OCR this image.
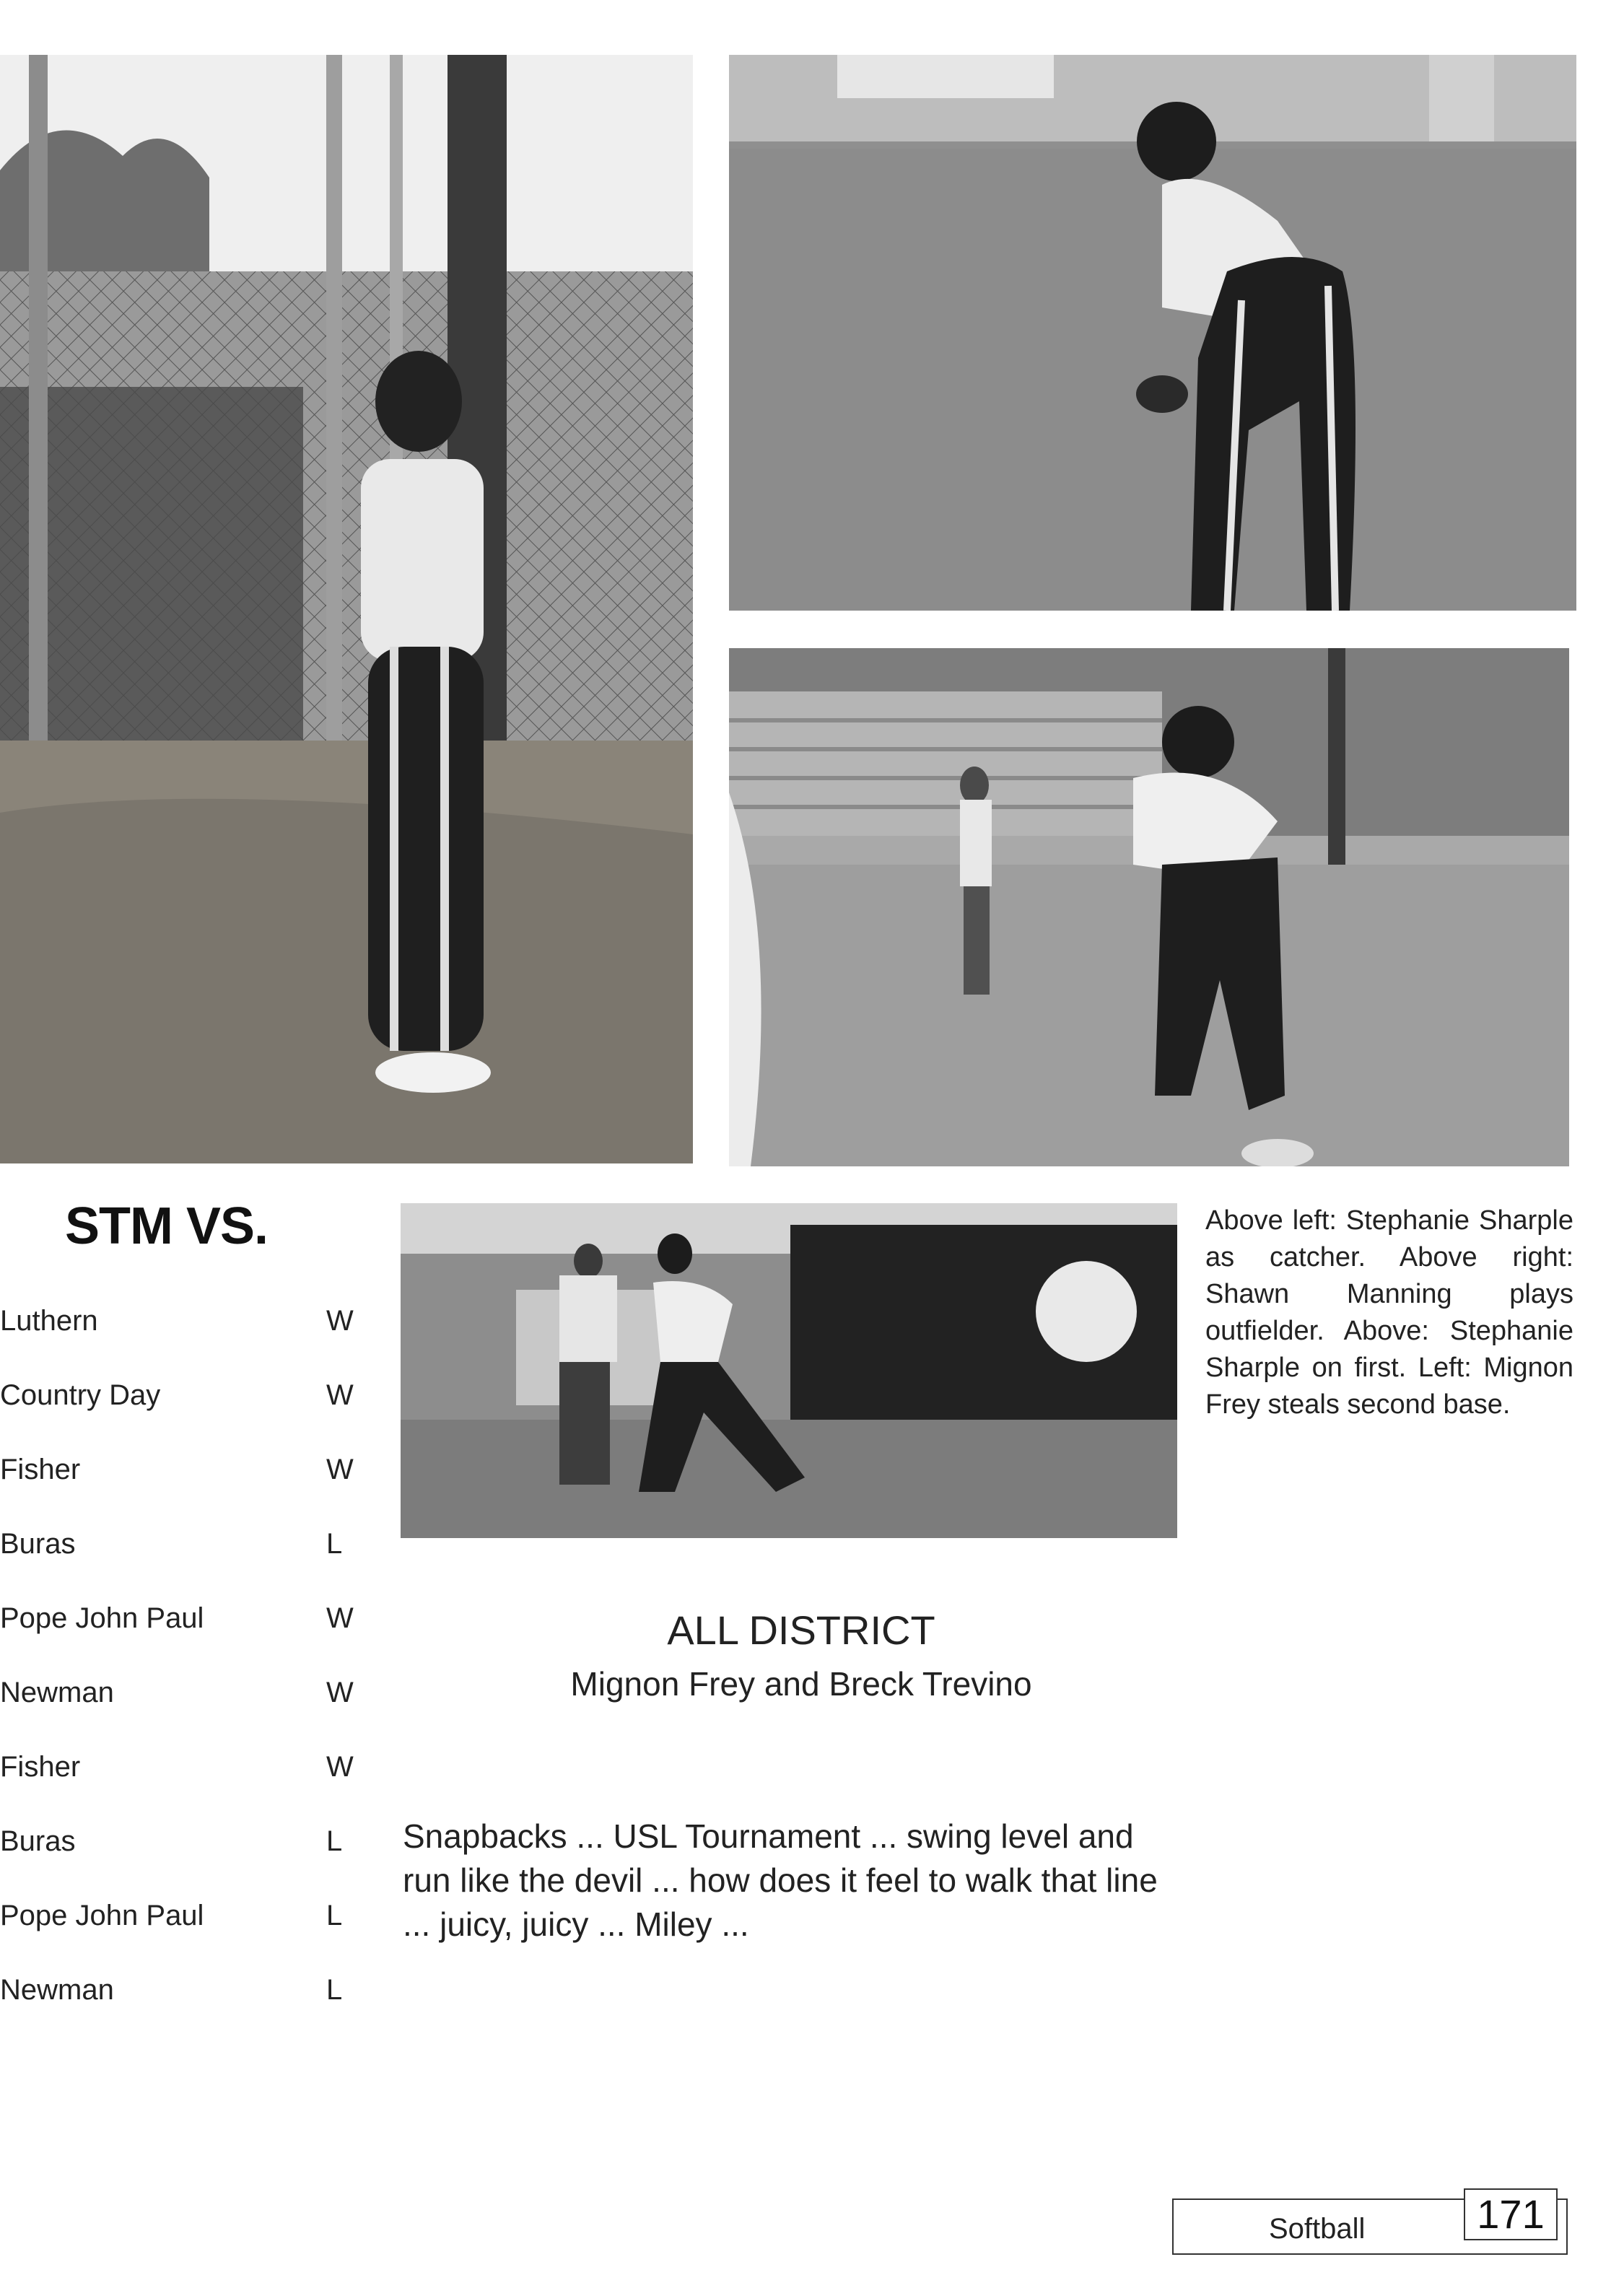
STM VS.
Luthern	W
Country Day	W
Fisher	W
Buras	L
Pope John Paul	W
Newman	W
Fisher	W
Buras	L
Pope John Paul	L
Newman	L
Above left: Stephanie Sharple as catcher. Above right: Shawn Manning plays outfielder. Above: Stephanie Sharple on first. Left: Mignon Frey steals second base.
ALL DISTRICT
Mignon Frey and Breck Trevino
Snapbacks ... USL Tournament ... swing level and run like the devil ... how does it feel to walk that line ... juicy, juicy ... Miley ...
Softball	171
